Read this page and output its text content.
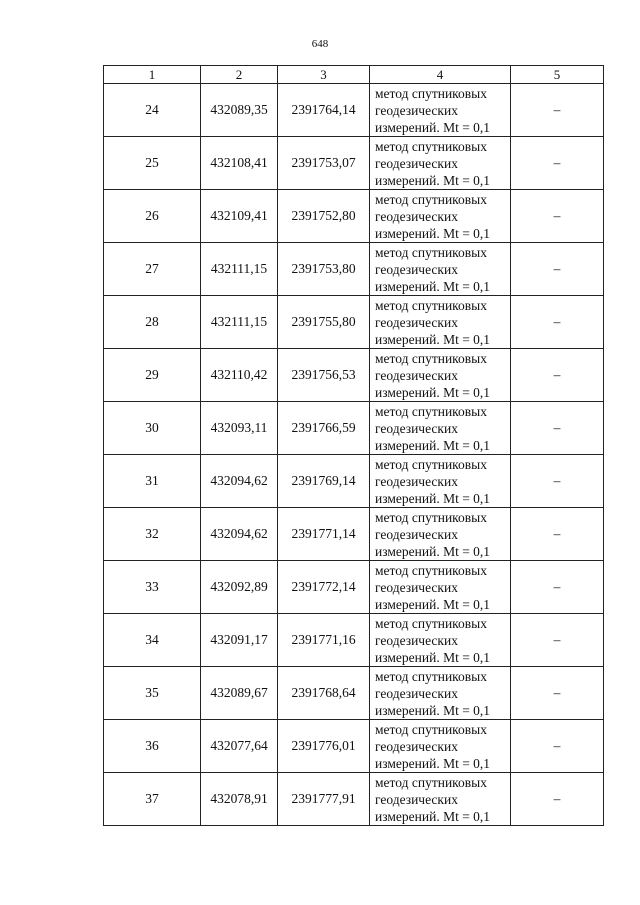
648
1	2	3	4	5
24	432089,35	2391764,14	метод спутниковых
геодезических
измерений. Mt = 0,1	–
25	432108,41	2391753,07	метод спутниковых
геодезических
измерений. Mt = 0,1	–
26	432109,41	2391752,80	метод спутниковых
геодезических
измерений. Mt = 0,1	–
27	432111,15	2391753,80	метод спутниковых
геодезических
измерений. Mt = 0,1	–
28	432111,15	2391755,80	метод спутниковых
геодезических
измерений. Mt = 0,1	–
29	432110,42	2391756,53	метод спутниковых
геодезических
измерений. Mt = 0,1	–
30	432093,11	2391766,59	метод спутниковых
геодезических
измерений. Mt = 0,1	–
31	432094,62	2391769,14	метод спутниковых
геодезических
измерений. Mt = 0,1	–
32	432094,62	2391771,14	метод спутниковых
геодезических
измерений. Mt = 0,1	–
33	432092,89	2391772,14	метод спутниковых
геодезических
измерений. Mt = 0,1	–
34	432091,17	2391771,16	метод спутниковых
геодезических
измерений. Mt = 0,1	–
35	432089,67	2391768,64	метод спутниковых
геодезических
измерений. Mt = 0,1	–
36	432077,64	2391776,01	метод спутниковых
геодезических
измерений. Mt = 0,1	–
37	432078,91	2391777,91	метод спутниковых
геодезических
измерений. Mt = 0,1	–
